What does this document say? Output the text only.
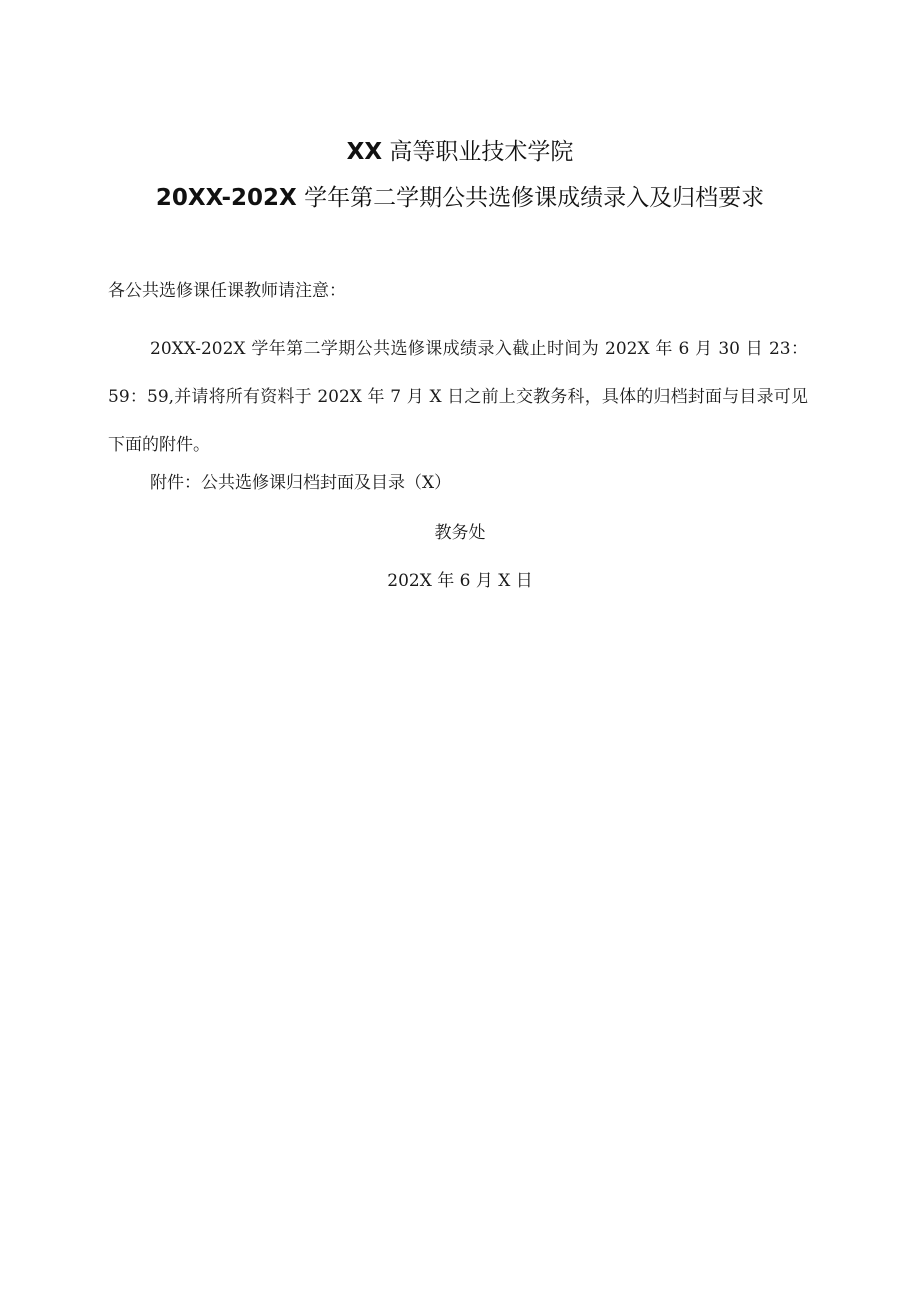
XX 高等职业技术学院
20XX-202X 学年第二学期公共选修课成绩录入及归档要求
各公共选修课任课教师请注意：
20XX-202X 学年第二学期公共选修课成绩录入截止时间为 202X 年 6 月 30 日 23：59：59,并请将所有资料于 202X 年 7 月 X 日之前上交教务科，具体的归档封面与目录可见下面的附件。
附件：公共选修课归档封面及目录（X）
教务处
202X 年 6 月 X 日
